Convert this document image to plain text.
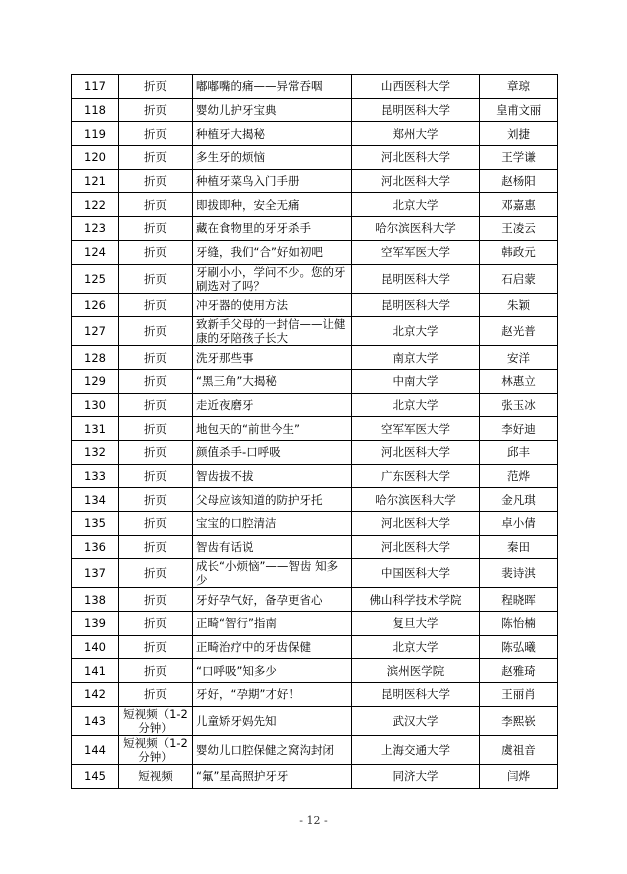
117	折页	嘟嘟嘴的痛——异常吞咽	山西医科大学	章琼
118	折页	婴幼儿护牙宝典	昆明医科大学	皇甫文丽
119	折页	种植牙大揭秘	郑州大学	刘捷
120	折页	多生牙的烦恼	河北医科大学	王学谦
121	折页	种植牙菜鸟入门手册	河北医科大学	赵杨阳
122	折页	即拔即种，安全无痛	北京大学	邓嘉惠
123	折页	藏在食物里的牙牙杀手	哈尔滨医科大学	王凌云
124	折页	牙缝，我们“合”好如初吧	空军军医大学	韩政元
125	折页	牙刷小小，学问不少。您的牙刷选对了吗？	昆明医科大学	石启蒙
126	折页	冲牙器的使用方法	昆明医科大学	朱颖
127	折页	致新手父母的一封信——让健康的牙陪孩子长大	北京大学	赵光普
128	折页	洗牙那些事	南京大学	安洋
129	折页	“黑三角”大揭秘	中南大学	林惠立
130	折页	走近夜磨牙	北京大学	张玉冰
131	折页	地包天的“前世今生”	空军军医大学	李好迪
132	折页	颜值杀手-口呼吸	河北医科大学	邱丰
133	折页	智齿拔不拔	广东医科大学	范烨
134	折页	父母应该知道的防护牙托	哈尔滨医科大学	金凡琪
135	折页	宝宝的口腔清洁	河北医科大学	卓小倩
136	折页	智齿有话说	河北医科大学	秦田
137	折页	成长“小烦恼”——智齿 知多少	中国医科大学	裴诗淇
138	折页	牙好孕气好，备孕更省心	佛山科学技术学院	程晓晖
139	折页	正畸“智行”指南	复旦大学	陈怡楠
140	折页	正畸治疗中的牙齿保健	北京大学	陈弘曦
141	折页	“口呼吸”知多少	滨州医学院	赵雅琦
142	折页	牙好，“孕期”才好！	昆明医科大学	王丽肖
143	短视频（1-2 分钟）	儿童矫牙妈先知	武汉大学	李熙嵚
144	短视频（1-2 分钟）	婴幼儿口腔保健之窝沟封闭	上海交通大学	虞祖音
145	短视频	“氟”星高照护牙牙	同济大学	闫烨
- 12 -
